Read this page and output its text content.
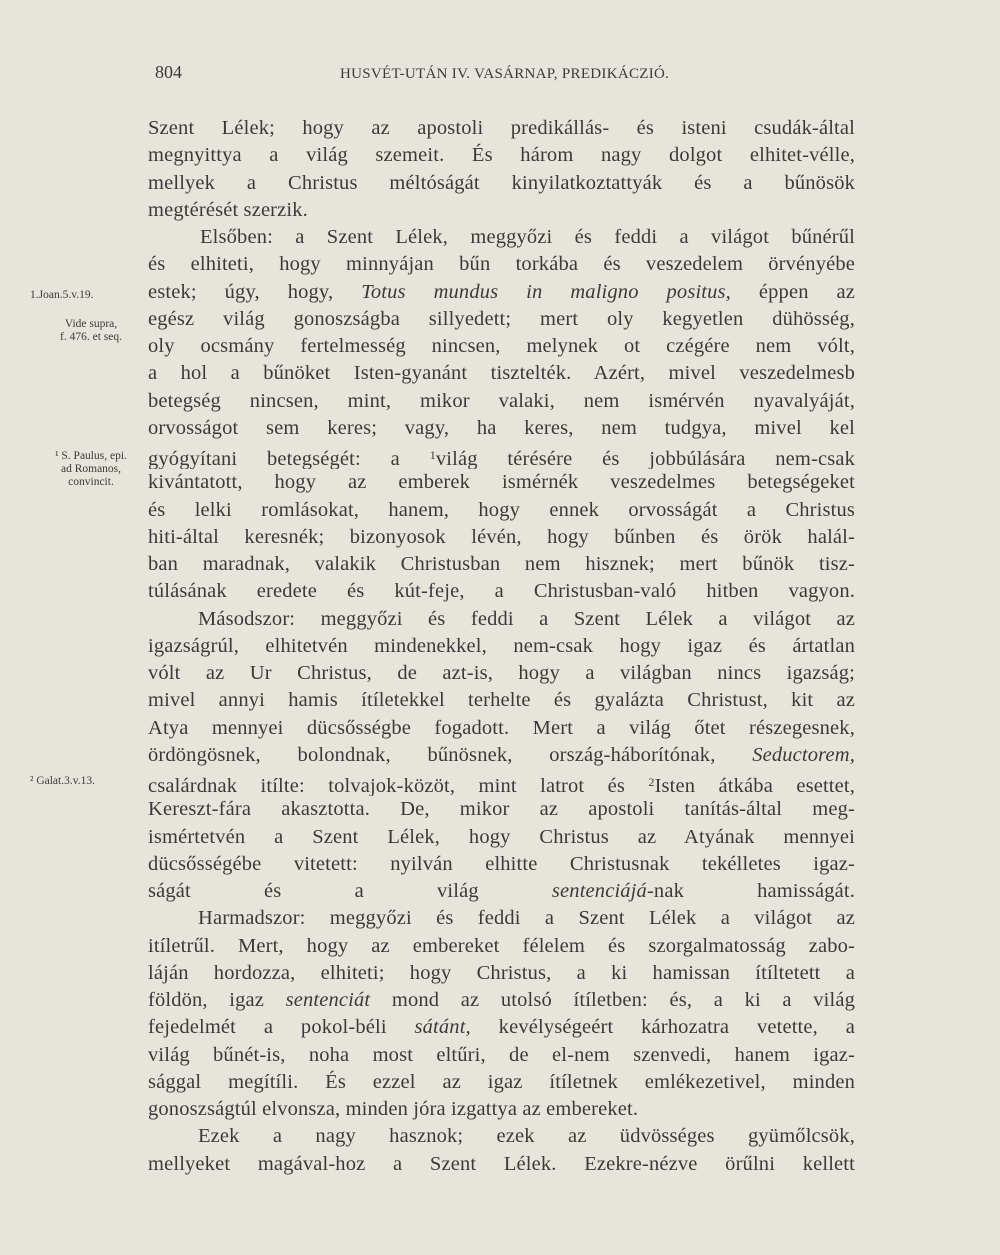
804	HUSVÉT-UTÁN IV. VASÁRNAP, PREDIKÁCZIÓ.
1.Joan.5.v.19.
Vide supra,
f. 476. et seq.
¹ S. Paulus, epi.
ad Romanos,
convincit.
² Galat.3.v.13.
Szent Lélek; hogy az apostoli predikállás- és isteni csudák-által
megnyittya a világ szemeit. És három nagy dolgot elhitet-vélle,
mellyek a Christus méltóságát kinyilatkoztattyák és a bűnösök
megtérését szerzik.
Elsőben: a Szent Lélek, meggyőzi és feddi a világot bűnérűl
és elhiteti, hogy minnyájan bűn torkába és veszedelem örvényébe
estek; úgy, hogy, Totus mundus in maligno positus, éppen az
egész világ gonoszságba sillyedett; mert oly kegyetlen dühösség,
oly ocsmány fertelmesség nincsen, melynek ot czégére nem vólt,
a hol a bűnöket Isten-gyanánt tisztelték. Azért, mivel veszedelmesb
betegség nincsen, mint, mikor valaki, nem ismérvén nyavalyáját,
orvosságot sem keres; vagy, ha keres, nem tudgya, mivel kel
gyógyítani betegségét: a $^1$világ térésére és jobbúlására nem-csak
kivántatott, hogy az emberek ismérnék veszedelmes betegségeket
és lelki romlásokat, hanem, hogy ennek orvosságát a Christus
hiti-által keresnék; bizonyosok lévén, hogy bűnben és örök halál-
ban maradnak, valakik Christusban nem hisznek; mert bűnök tisz-
túlásának eredete és kút-feje, a Christusban-való hitben vagyon.
Másodszor: meggyőzi és feddi a Szent Lélek a világot az
igazságrúl, elhitetvén mindenekkel, nem-csak hogy igaz és ártatlan
vólt az Ur Christus, de azt-is, hogy a világban nincs igazság;
mivel annyi hamis ítíletekkel terhelte és gyalázta Christust, kit az
Atya mennyei dücsősségbe fogadott. Mert a világ őtet részegesnek,
ördöngösnek, bolondnak, bűnösnek, ország-háborítónak, Seductorem,
csalárdnak itílte: tolvajok-közöt, mint latrot és $^2$Isten átkába esettet,
Kereszt-fára akasztotta. De, mikor az apostoli tanítás-által meg-
ismértetvén a Szent Lélek, hogy Christus az Atyának mennyei
dücsősségébe vitetett: nyilván elhitte Christusnak tekélletes igaz-
ságát és a világ	sentenciájá-nak hamisságát.
Harmadszor: meggyőzi és feddi a Szent Lélek a világot az
itíletrűl. Mert, hogy az embereket félelem és szorgalmatosság zabo-
láján hordozza, elhiteti; hogy Christus, a ki hamissan ítíltetett a
földön, igaz sentenciát mond az utolsó ítíletben: és, a ki a világ
fejedelmét a pokol-béli sátánt, kevélységeért kárhozatra vetette, a
világ bűnét-is, noha most eltűri, de el-nem szenvedi, hanem igaz-
sággal megítíli. És ezzel az igaz ítíletnek emlékezetivel, minden
gonoszságtúl elvonsza, minden jóra izgattya az embereket.
Ezek a nagy hasznok; ezek az üdvösséges gyümőlcsök,
mellyeket magával-hoz a Szent Lélek. Ezekre-nézve örűlni kellett
